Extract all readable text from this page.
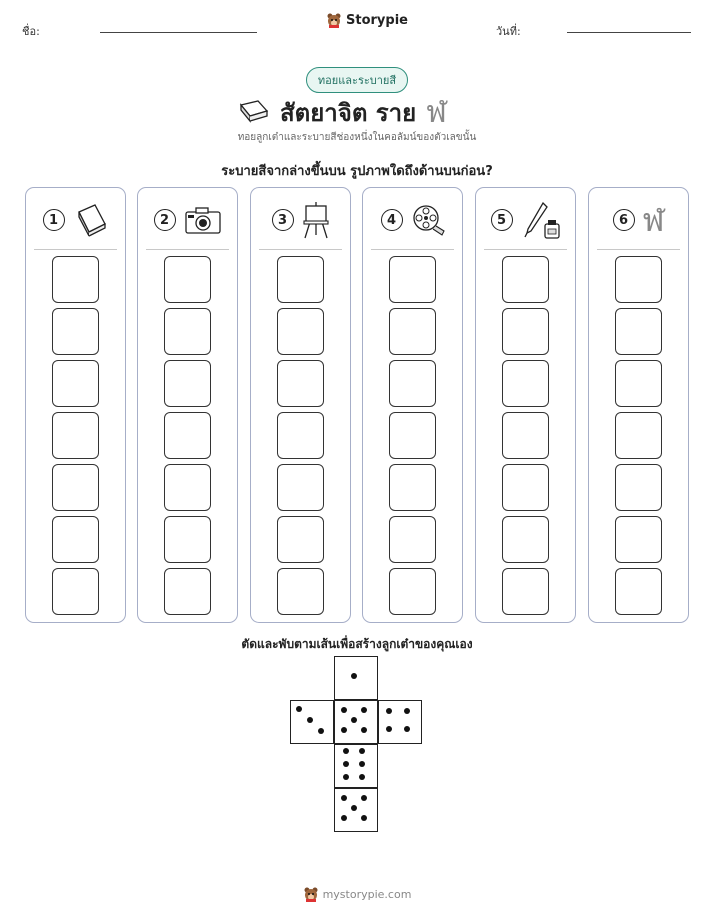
ชื่อ:
Storypie
วันที่:
ทอยและระบายสี
สัตยาจิต ราย ฬ
ทอยลูกเต๋าและระบายสีช่องหนึ่งในคอลัมน์ของตัวเลขนั้น
ระบายสีจากล่างขึ้นบน รูปภาพใดถึงด้านบนก่อน?
1	2	3	4	5	6 ฬ
ตัดและพับตามเส้นเพื่อสร้างลูกเต๋าของคุณเอง
mystorypie.com
